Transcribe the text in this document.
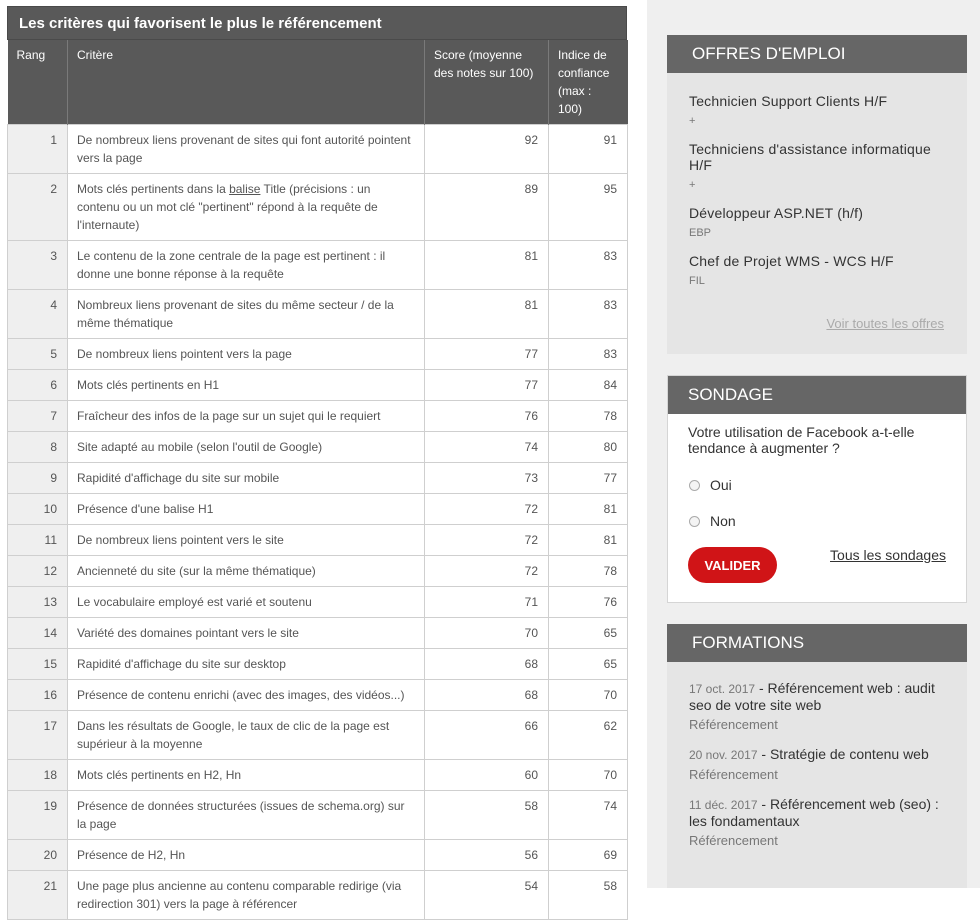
Les critères qui favorisent le plus le référencement
Rang	Critère	Score (moyenne des notes sur 100)	Indice de confiance (max : 100)
1	De nombreux liens provenant de sites qui font autorité pointent vers la page	92	91
2	Mots clés pertinents dans la balise Title (précisions : un contenu ou un mot clé "pertinent" répond à la requête de l'internaute)	89	95
3	Le contenu de la zone centrale de la page est pertinent : il donne une bonne réponse à la requête	81	83
4	Nombreux liens provenant de sites du même secteur / de la même thématique	81	83
5	De nombreux liens pointent vers la page	77	83
6	Mots clés pertinents en H1	77	84
7	Fraîcheur des infos de la page sur un sujet qui le requiert	76	78
8	Site adapté au mobile (selon l'outil de Google)	74	80
9	Rapidité d'affichage du site sur mobile	73	77
10	Présence d'une balise H1	72	81
11	De nombreux liens pointent vers le site	72	81
12	Ancienneté du site (sur la même thématique)	72	78
13	Le vocabulaire employé est varié et soutenu	71	76
14	Variété des domaines pointant vers le site	70	65
15	Rapidité d'affichage du site sur desktop	68	65
16	Présence de contenu enrichi (avec des images, des vidéos...)	68	70
17	Dans les résultats de Google, le taux de clic de la page est supérieur à la moyenne	66	62
18	Mots clés pertinents en H2, Hn	60	70
19	Présence de données structurées (issues de schema.org) sur la page	58	74
20	Présence de H2, Hn	56	69
21	Une page plus ancienne au contenu comparable redirige (via redirection 301) vers la page à référencer	54	58
OFFRES D'EMPLOI
Technicien Support Clients H/F
+
Techniciens d'assistance informatique H/F
+
Développeur ASP.NET (h/f)
EBP
Chef de Projet WMS - WCS H/F
FIL
Voir toutes les offres
SONDAGE
Votre utilisation de Facebook a-t-elle tendance à augmenter ?
Oui
Non
VALIDER
Tous les sondages
FORMATIONS
17 oct. 2017 - Référencement web : audit seo de votre site web
Référencement
20 nov. 2017 - Stratégie de contenu web
Référencement
11 déc. 2017 - Référencement web (seo) : les fondamentaux
Référencement
